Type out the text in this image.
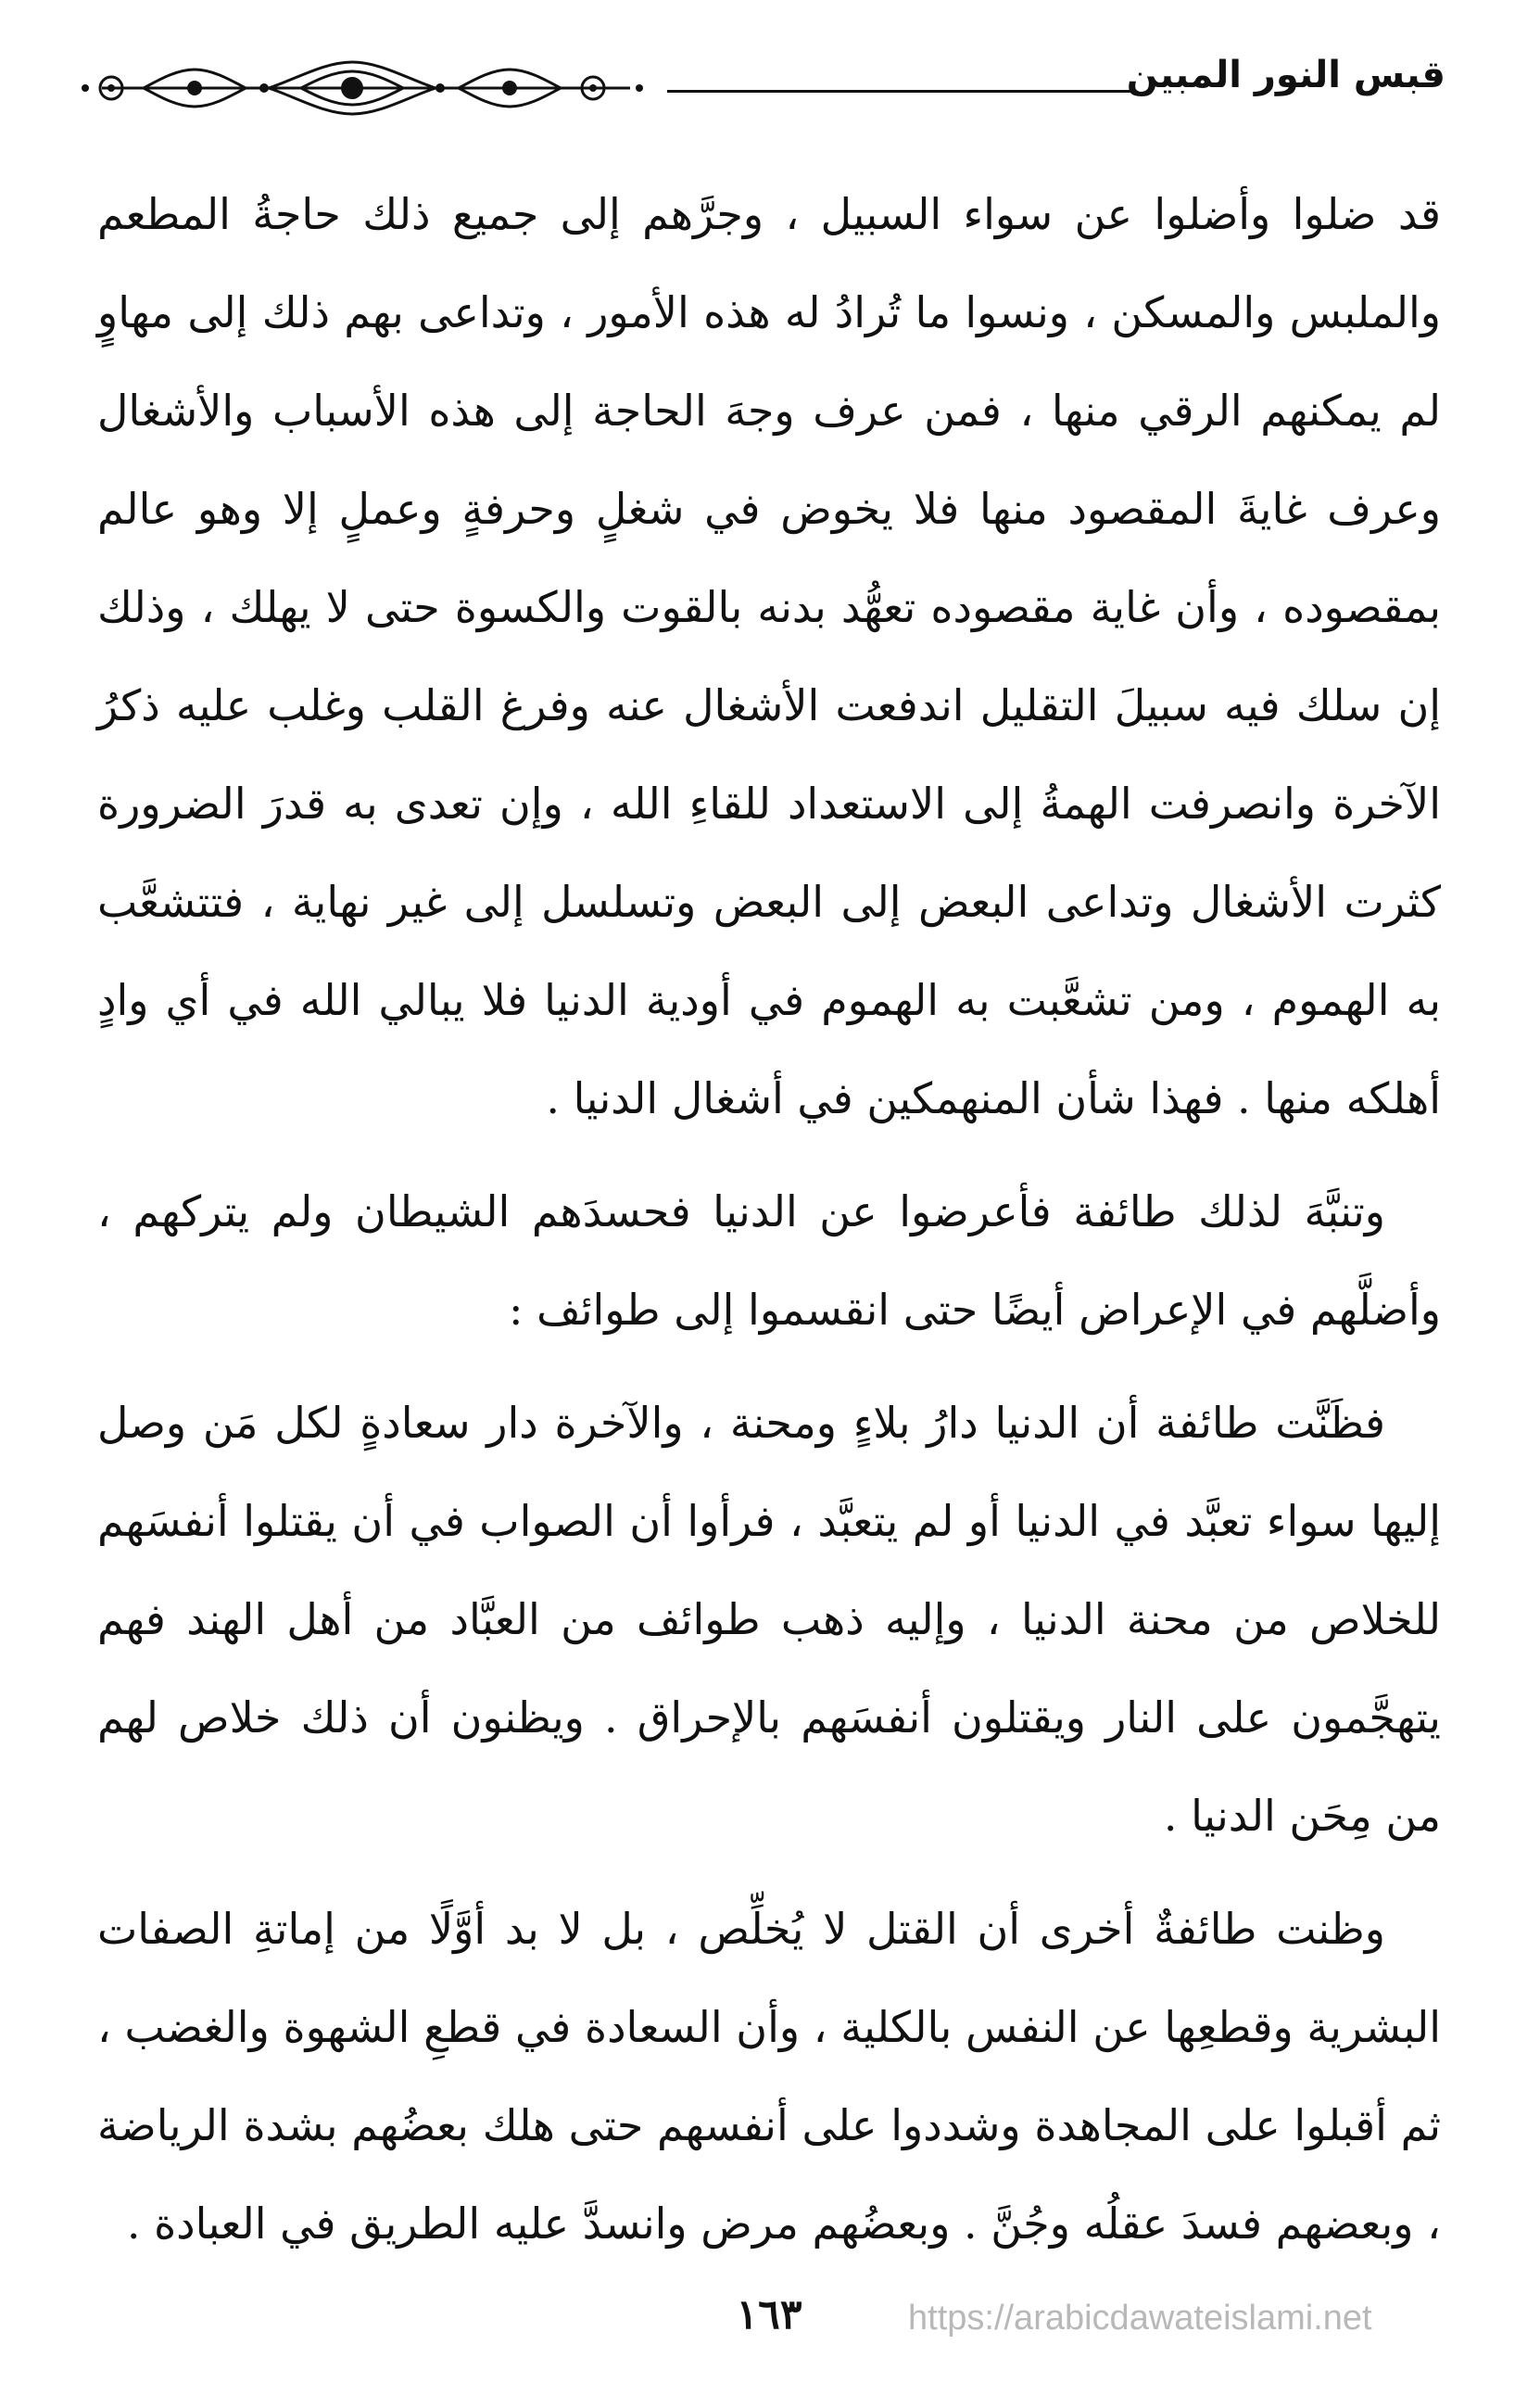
قبس النور المبين

قد ضلوا وأضلوا عن سواء السبيل ، وجرَّهم إلى جميع ذلك حاجةُ المطعم والملبس والمسكن ، ونسوا ما تُرادُ له هذه الأمور ، وتداعى بهم ذلك إلى مهاوٍ لم يمكنهم الرقي منها ، فمن عرف وجهَ الحاجة إلى هذه الأسباب والأشغال وعرف غايةَ المقصود منها فلا يخوض في شغلٍ وحرفةٍ وعملٍ إلا وهو عالم بمقصوده ، وأن غاية مقصوده تعهُّد بدنه بالقوت والكسوة حتى لا يهلك ، وذلك إن سلك فيه سبيلَ التقليل اندفعت الأشغال عنه وفرغ القلب وغلب عليه ذكرُ الآخرة وانصرفت الهمةُ إلى الاستعداد للقاءِ الله ، وإن تعدى به قدرَ الضرورة كثرت الأشغال وتداعى البعض إلى البعض وتسلسل إلى غير نهاية ، فتتشعَّب به الهموم ، ومن تشعَّبت به الهموم في أودية الدنيا فلا يبالي الله في أي وادٍ أهلكه منها . فهذا شأن المنهمكين في أشغال الدنيا .

وتنبَّهَ لذلك طائفة فأعرضوا عن الدنيا فحسدَهم الشيطان ولم يتركهم ، وأضلَّهم في الإعراض أيضًا حتى انقسموا إلى طوائف :

فظَنَّت طائفة أن الدنيا دارُ بلاءٍ ومحنة ، والآخرة دار سعادةٍ لكل مَن وصل إليها سواء تعبَّد في الدنيا أو لم يتعبَّد ، فرأوا أن الصواب في أن يقتلوا أنفسَهم للخلاص من محنة الدنيا ، وإليه ذهب طوائف من العبَّاد من أهل الهند فهم يتهجَّمون على النار ويقتلون أنفسَهم بالإحراق . ويظنون أن ذلك خلاص لهم من مِحَن الدنيا .

وظنت طائفةٌ أخرى أن القتل لا يُخلِّص ، بل لا بد أوَّلًا من إماتةِ الصفات البشرية وقطعِها عن النفس بالكلية ، وأن السعادة في قطعِ الشهوة والغضب ، ثم أقبلوا على المجاهدة وشددوا على أنفسهم حتى هلك بعضُهم بشدة الرياضة ، وبعضهم فسدَ عقلُه وجُنَّ . وبعضُهم مرض وانسدَّ عليه الطريق في العبادة .

١٦٣	https://arabicdawateislami.net
